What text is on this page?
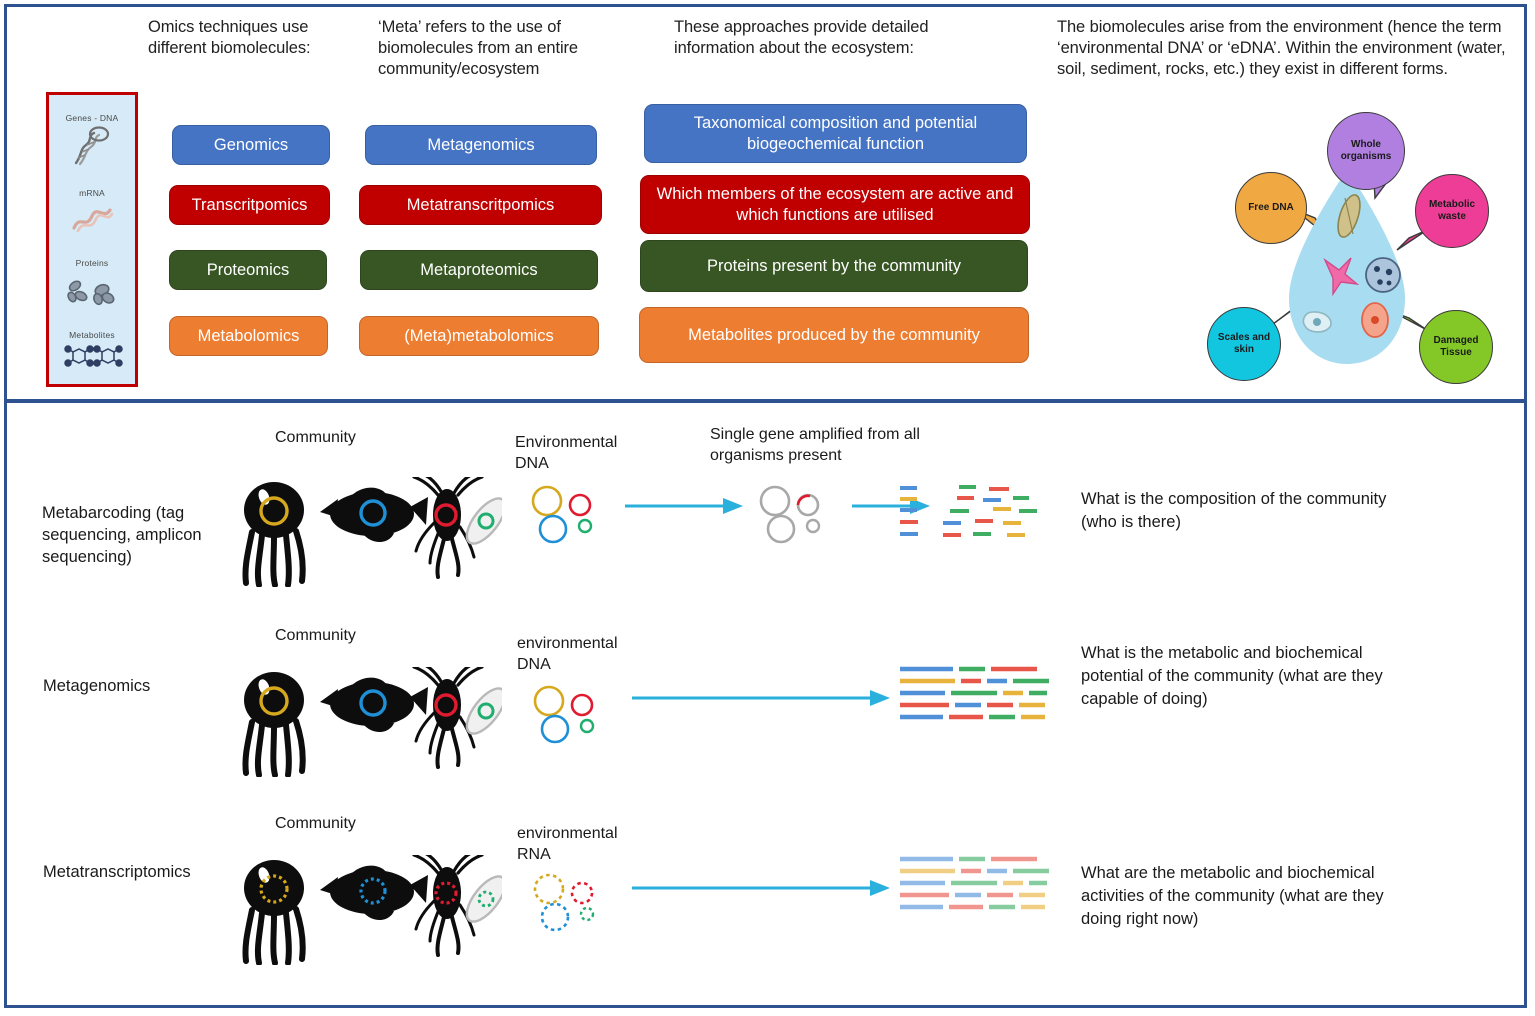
Omics techniques use different biomolecules:
‘Meta’ refers to the use of biomolecules from an entire community/ecosystem
These approaches provide detailed information about the ecosystem:
The biomolecules arise from the environment (hence the term ‘environmental DNA’ or ‘eDNA’. Within the environment (water, soil, sediment, rocks, etc.) they exist in different forms.
Genes - DNA
mRNA
Proteins
Metabolites
Genomics
Transcritpomics
Proteomics
Metabolomics
Metagenomics
Metatranscritpomics
Metaproteomics
(Meta)metabolomics
Taxonomical composition and potential biogeochemical function
Which members of the ecosystem are active and which functions are utilised
Proteins present by the community
Metabolites produced by the community
Whole organisms
Free DNA	Metabolic waste
Scales and skin
Damaged Tissue
Community
Metabarcoding (tag sequencing, amplicon sequencing)
Environmental DNA
Single gene amplified from all organisms present
What is the composition of the community (who is there)
Community
Metagenomics
environmental DNA
What is the metabolic and biochemical potential of the community (what are they capable of doing)
Community
Metatranscriptomics
environmental RNA
What are the metabolic and biochemical activities of the community (what are they doing right now)
